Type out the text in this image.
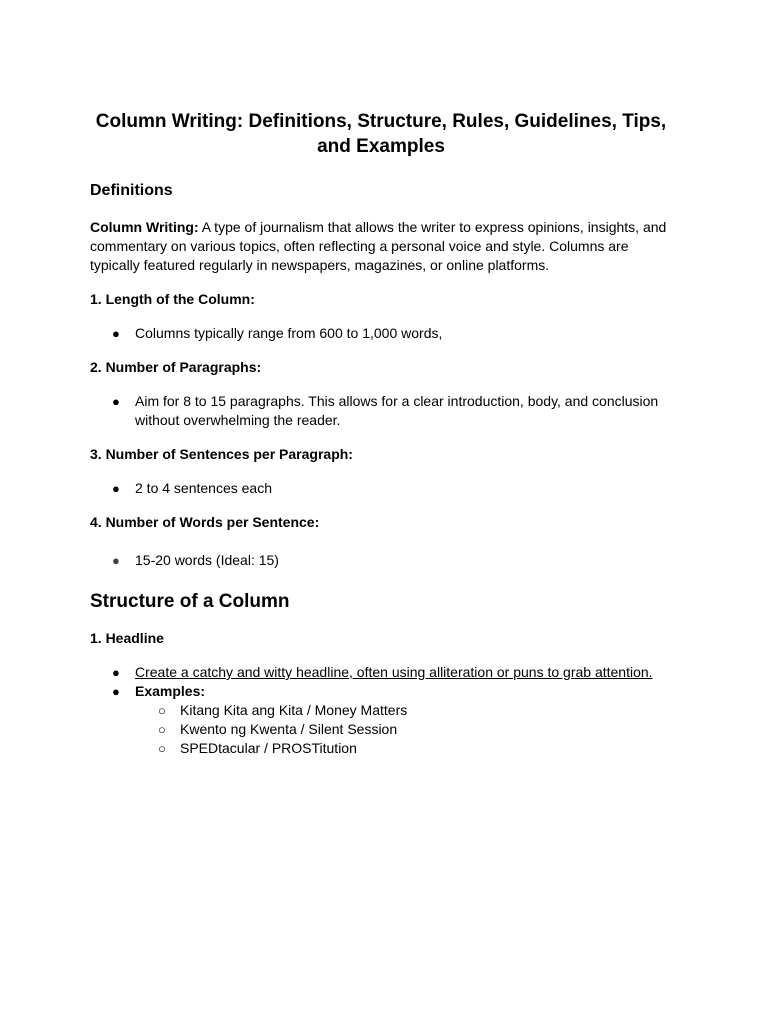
Column Writing: Definitions, Structure, Rules, Guidelines, Tips, and Examples
Definitions

Column Writing: A type of journalism that allows the writer to express opinions, insights, and commentary on various topics, often reflecting a personal voice and style. Columns are typically featured regularly in newspapers, magazines, or online platforms.

1. Length of the Column:
● Columns typically range from 600 to 1,000 words,
2. Number of Paragraphs:
● Aim for 8 to 15 paragraphs. This allows for a clear introduction, body, and conclusion without overwhelming the reader.
3. Number of Sentences per Paragraph:
● 2 to 4 sentences each
4. Number of Words per Sentence:
● 15-20 words (Ideal: 15)
Structure of a Column
1. Headline
● Create a catchy and witty headline, often using alliteration or puns to grab attention.
● Examples:
○ Kitang Kita ang Kita / Money Matters
○ Kwento ng Kwenta / Silent Session
○ SPEDtacular / PROSTitution
